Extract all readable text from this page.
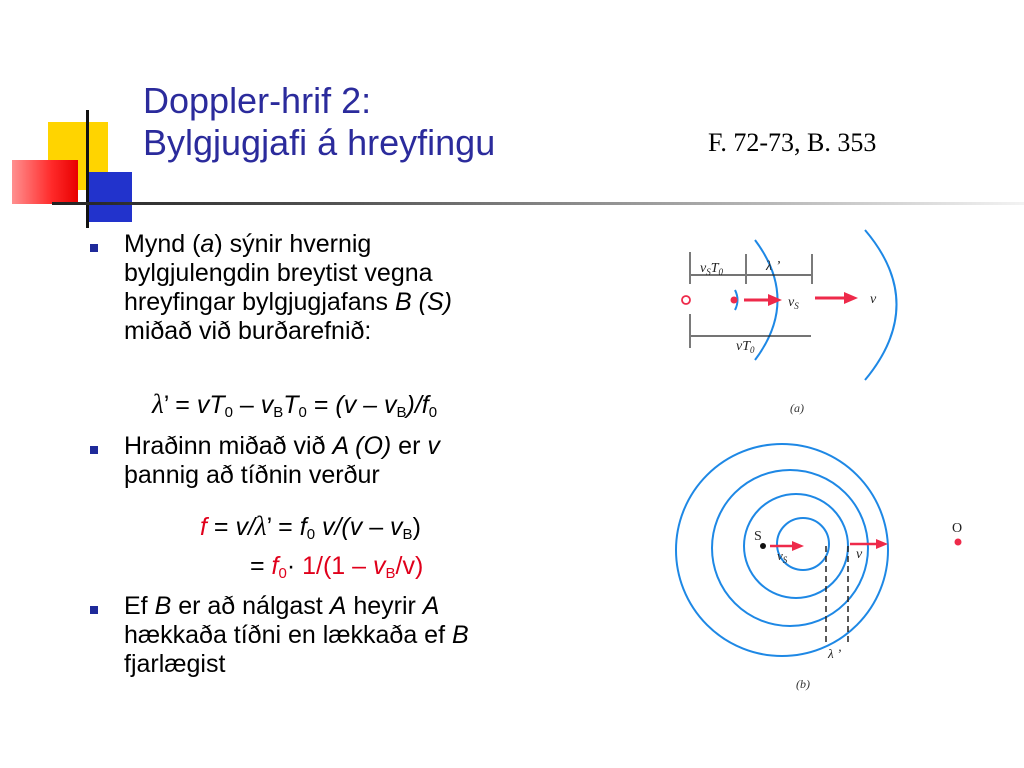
Doppler-hrif 2:
Bylgjugjafi á hreyfingu	F. 72-73, B. 353
Mynd (a) sýnir hvernig
bylgjulengdin breytist vegna
hreyfingar bylgjugjafans B (S)
miðað við burðarefnið:
λ’ = $vT_0 - v_BT_0 = (v - v_B)/f_0$
Hraðinn miðað við A (O) er v
þannig að tíðnin verður
f = v/λ’ = $f_0$ $v/(v - v_B)$
= $f_0\cdot 1/(1 - v_B/v)$
Ef B er að nálgast A heyrir A
hækkaða tíðni en lækkaða ef B
fjarlægist
$v_ST_0$	λ ’
$v_S$	v
$vT_0$
(a)
S
$v_S$	v
O
λ ’
(b)
